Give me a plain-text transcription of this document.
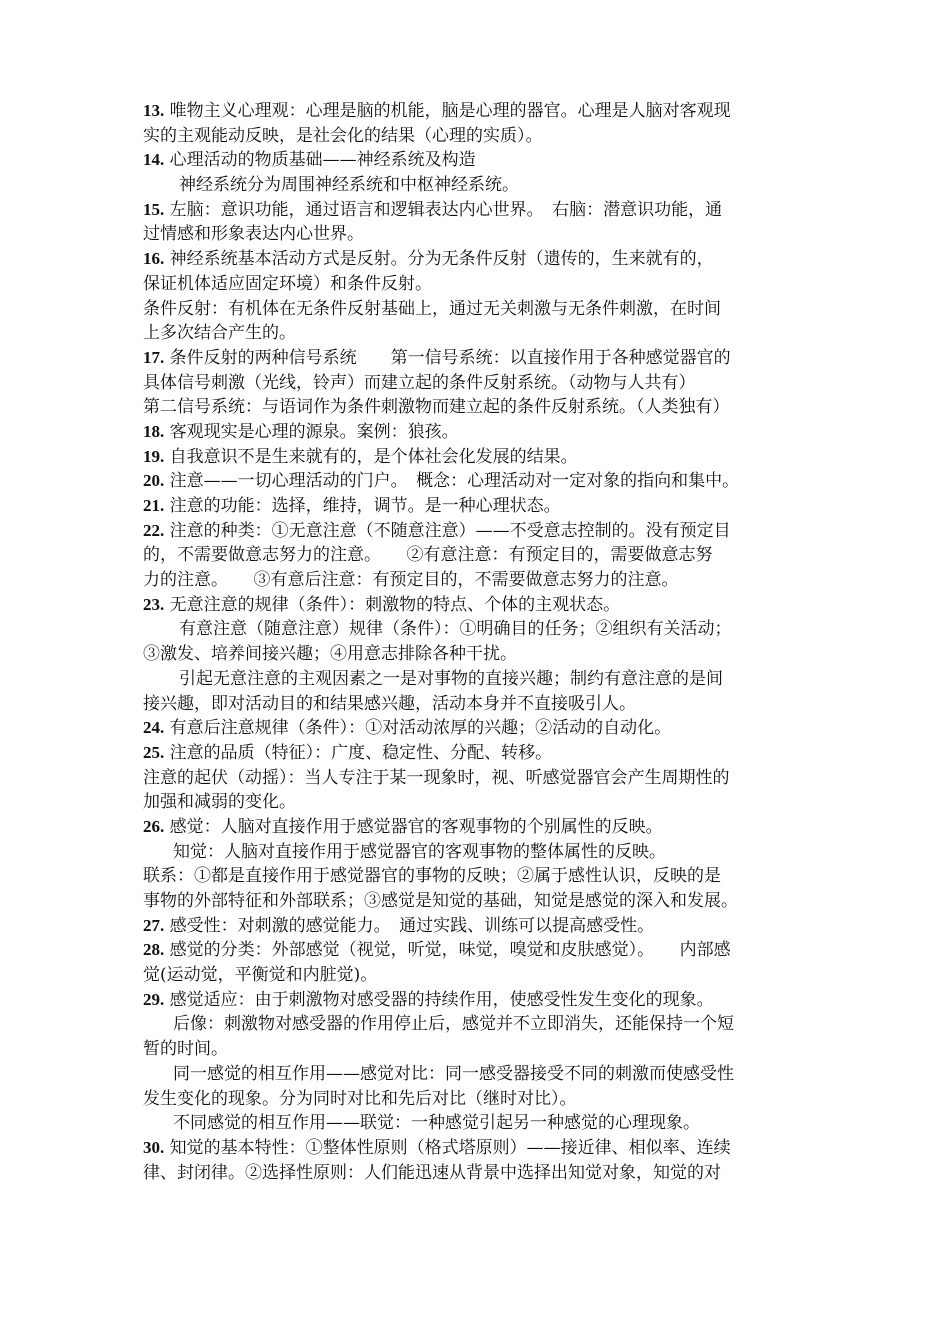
13. 唯物主义心理观：心理是脑的机能，脑是心理的器官。心理是人脑对客观现
实的主观能动反映，是社会化的结果（心理的实质）。
14. 心理活动的物质基础——神经系统及构造
神经系统分为周围神经系统和中枢神经系统。
15. 左脑：意识功能，通过语言和逻辑表达内心世界。　右脑：潜意识功能，通
过情感和形象表达内心世界。
16. 神经系统基本活动方式是反射。分为无条件反射（遗传的，生来就有的，
保证机体适应固定环境）和条件反射。
条件反射：有机体在无条件反射基础上，通过无关刺激与无条件刺激，在时间
上多次结合产生的。
17. 条件反射的两种信号系统　　第一信号系统：以直接作用于各种感觉器官的
具体信号刺激（光线，铃声）而建立起的条件反射系统。（动物与人共有）
第二信号系统：与语词作为条件刺激物而建立起的条件反射系统。（人类独有）
18. 客观现实是心理的源泉。案例：狼孩。
19. 自我意识不是生来就有的，是个体社会化发展的结果。
20. 注意——一切心理活动的门户。　概念：心理活动对一定对象的指向和集中。
21. 注意的功能：选择，维持，调节。是一种心理状态。
22. 注意的种类：①无意注意（不随意注意）——不受意志控制的。没有预定目
的，不需要做意志努力的注意。　　②有意注意：有预定目的，需要做意志努
力的注意。　　③有意后注意：有预定目的，不需要做意志努力的注意。
23. 无意注意的规律（条件）：刺激物的特点、个体的主观状态。
有意注意（随意注意）规律（条件）：①明确目的任务；②组织有关活动；
③激发、培养间接兴趣；④用意志排除各种干扰。
引起无意注意的主观因素之一是对事物的直接兴趣；制约有意注意的是间
接兴趣，即对活动目的和结果感兴趣，活动本身并不直接吸引人。
24. 有意后注意规律（条件）：①对活动浓厚的兴趣；②活动的自动化。
25. 注意的品质（特征）：广度、稳定性、分配、转移。
注意的起伏（动摇）：当人专注于某一现象时，视、听感觉器官会产生周期性的
加强和减弱的变化。
26. 感觉：人脑对直接作用于感觉器官的客观事物的个别属性的反映。
知觉：人脑对直接作用于感觉器官的客观事物的整体属性的反映。
联系：①都是直接作用于感觉器官的事物的反映；②属于感性认识，反映的是
事物的外部特征和外部联系；③感觉是知觉的基础，知觉是感觉的深入和发展。
27. 感受性：对刺激的感觉能力。　通过实践、训练可以提高感受性。
28. 感觉的分类：外部感觉（视觉，听觉，味觉，嗅觉和皮肤感觉）。　　内部感
觉(运动觉，平衡觉和内脏觉)。
29. 感觉适应：由于刺激物对感受器的持续作用，使感受性发生变化的现象。
后像：刺激物对感受器的作用停止后，感觉并不立即消失，还能保持一个短
暂的时间。
同一感觉的相互作用——感觉对比：同一感受器接受不同的刺激而使感受性
发生变化的现象。分为同时对比和先后对比（继时对比）。
不同感觉的相互作用——联觉：一种感觉引起另一种感觉的心理现象。
30. 知觉的基本特性：①整体性原则（格式塔原则）——接近律、相似率、连续
律、封闭律。②选择性原则：人们能迅速从背景中选择出知觉对象，知觉的对
